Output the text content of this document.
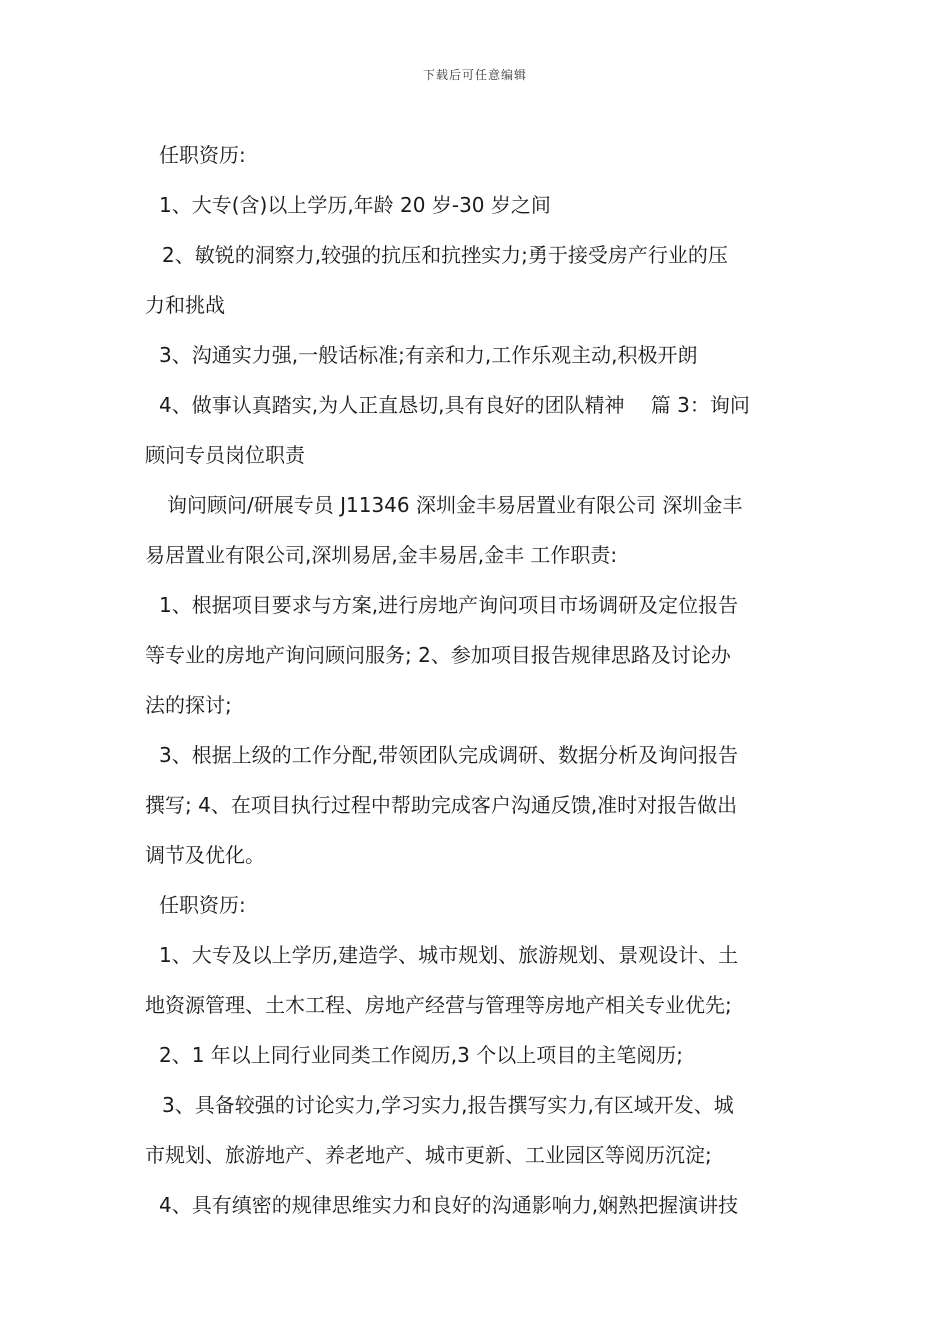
下载后可任意编辑
任职资历:
1、大专(含)以上学历,年龄 20 岁-30 岁之间
2、敏锐的洞察力,较强的抗压和抗挫实力;勇于接受房产行业的压
力和挑战
3、沟通实力强,一般话标准;有亲和力,工作乐观主动,积极开朗
4、做事认真踏实,为人正直恳切,具有良好的团队精神　 篇 3：询问
顾问专员岗位职责
询问顾问/研展专员 J11346 深圳金丰易居置业有限公司 深圳金丰
易居置业有限公司,深圳易居,金丰易居,金丰 工作职责:
1、根据项目要求与方案,进行房地产询问项目市场调研及定位报告
等专业的房地产询问顾问服务; 2、参加项目报告规律思路及讨论办
法的探讨;
3、根据上级的工作分配,带领团队完成调研、数据分析及询问报告
撰写; 4、在项目执行过程中帮助完成客户沟通反馈,准时对报告做出
调节及优化。
任职资历:
1、大专及以上学历,建造学、城市规划、旅游规划、景观设计、土
地资源管理、土木工程、房地产经营与管理等房地产相关专业优先;
2、1 年以上同行业同类工作阅历,3 个以上项目的主笔阅历;
3、具备较强的讨论实力,学习实力,报告撰写实力,有区域开发、城
市规划、旅游地产、养老地产、城市更新、工业园区等阅历沉淀;
4、具有缜密的规律思维实力和良好的沟通影响力,娴熟把握演讲技
